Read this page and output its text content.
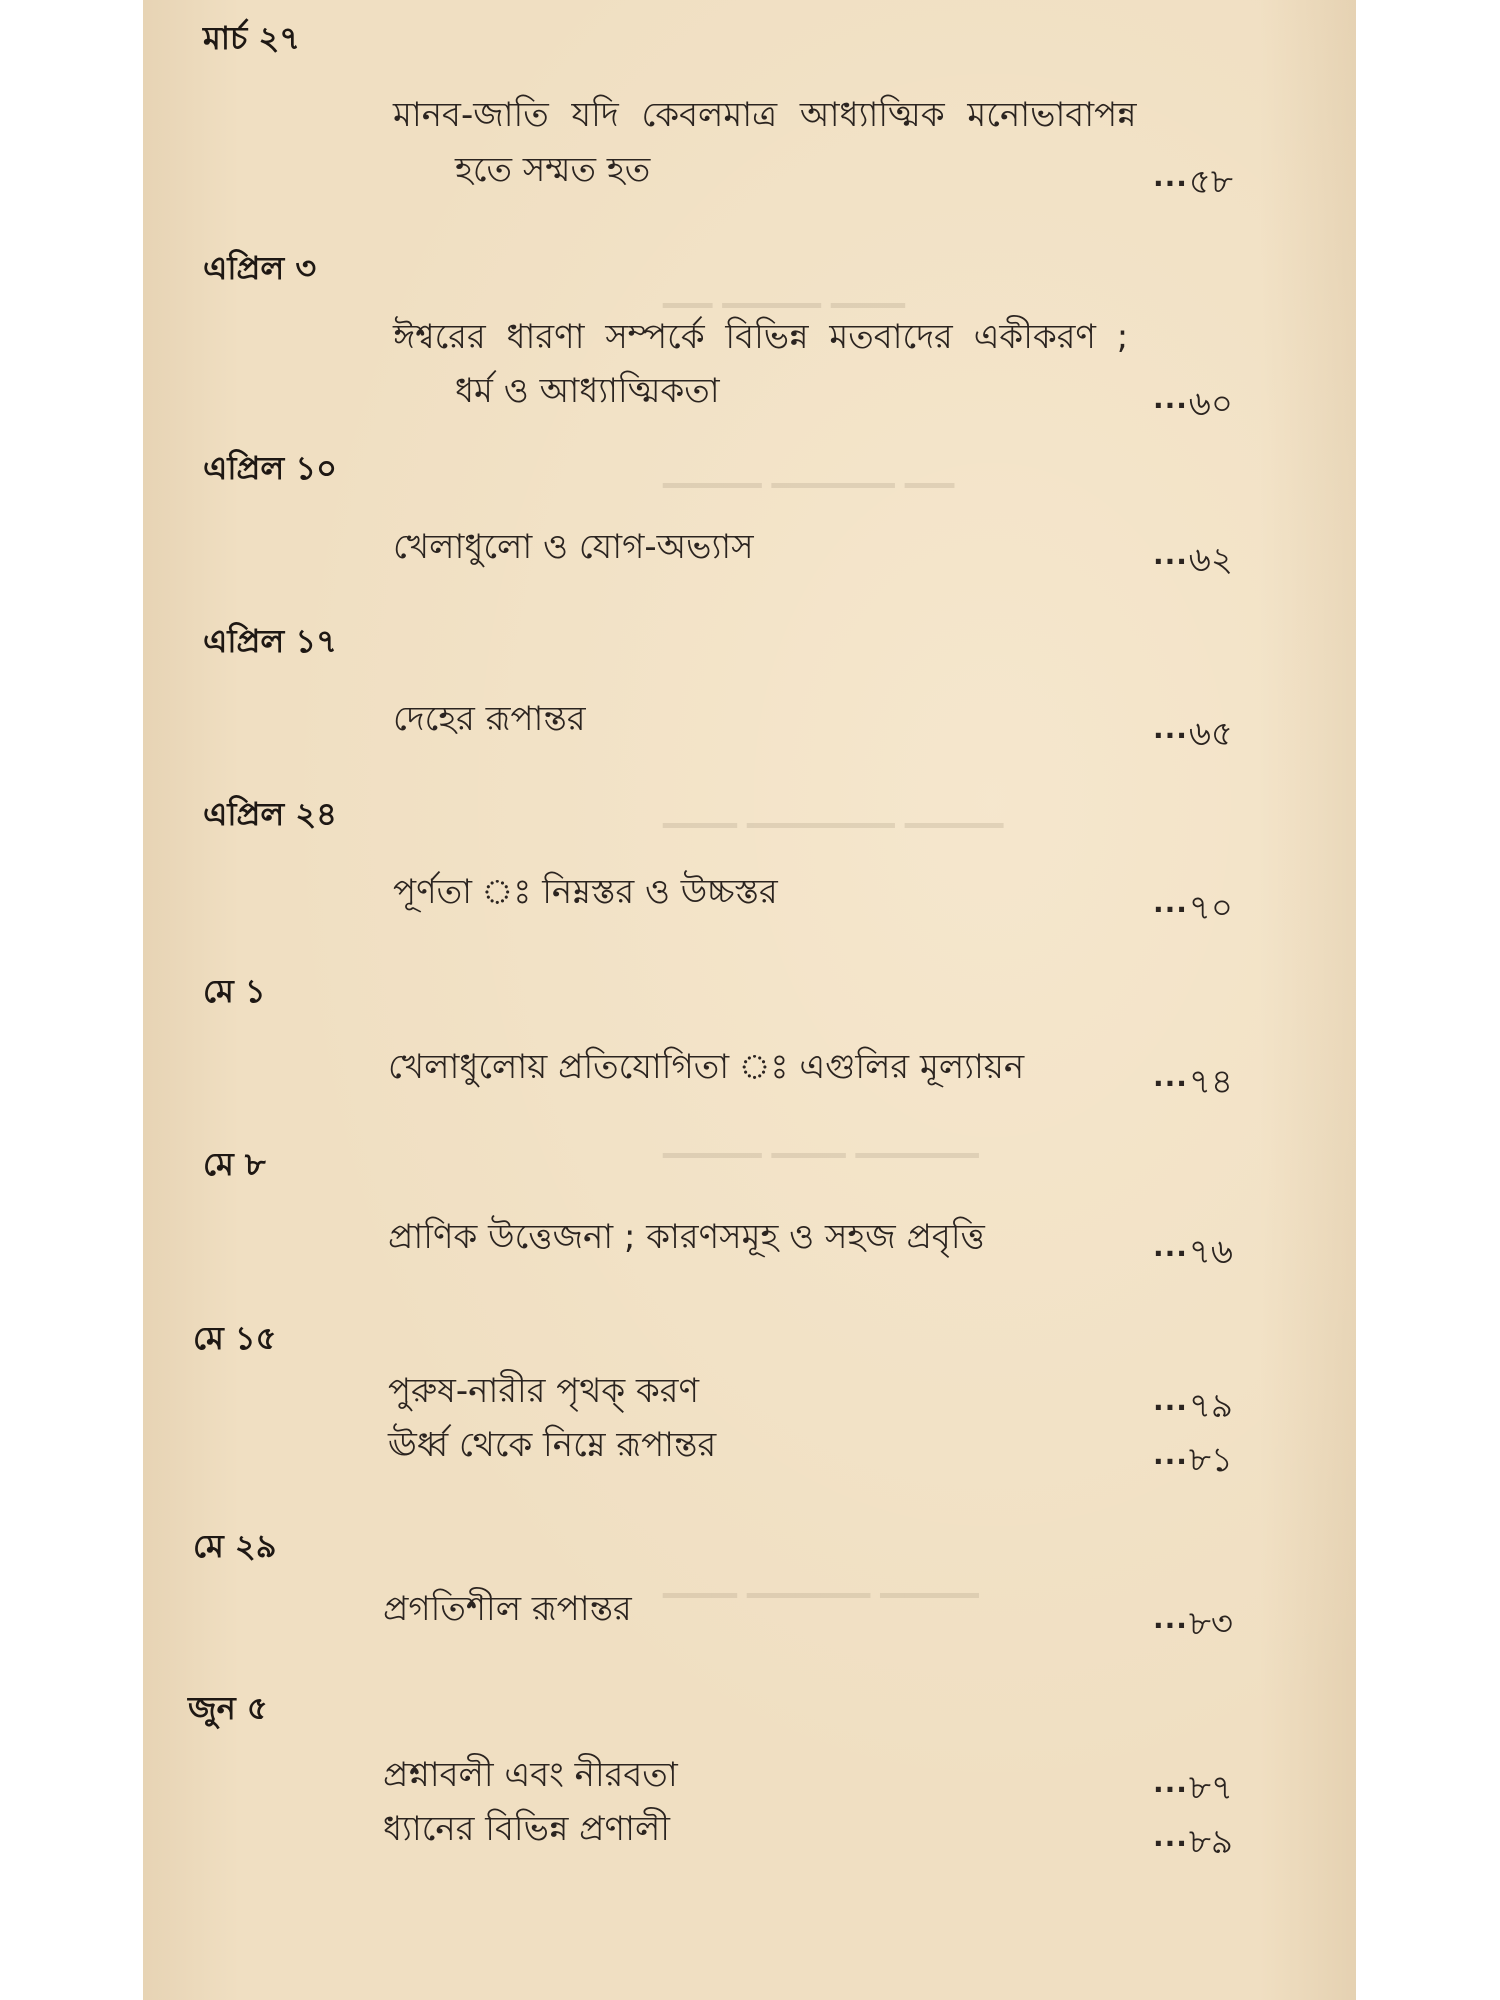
▁▁ ▁▁▁▁ ▁▁▁
▁▁▁▁ ▁▁▁▁▁ ▁▁
▁▁▁ ▁▁▁▁▁▁ ▁▁▁▁
▁▁▁▁ ▁▁▁ ▁▁▁▁▁
▁▁▁ ▁▁▁▁▁ ▁▁▁▁
মার্চ ২৭
মানব-জাতি যদি কেবলমাত্র আধ্যাত্মিক মনোভাবাপন্ন
হতে সম্মত হত	... ৫৮
এপ্রিল ৩
ঈশ্বরের ধারণা সম্পর্কে বিভিন্ন মতবাদের একীকরণ ;
ধর্ম ও আধ্যাত্মিকতা	... ৬০
এপ্রিল ১০
খেলাধুলো ও যোগ-অভ্যাস	... ৬২
এপ্রিল ১৭
দেহের রূপান্তর	... ৬৫
এপ্রিল ২৪
পূর্ণতা ঃ নিম্নস্তর ও উচ্চস্তর	... ৭০
মে ১
খেলাধুলোয় প্রতিযোগিতা ঃ এগুলির মূল্যায়ন	... ৭৪
মে ৮
প্রাণিক উত্তেজনা ; কারণসমূহ ও সহজ প্রবৃত্তি	... ৭৬
মে ১৫
পুরুষ-নারীর পৃথক্ করণ	... ৭৯
ঊর্ধ্ব থেকে নিম্নে রূপান্তর	... ৮১
মে ২৯
প্রগতিশীল রূপান্তর	... ৮৩
জুন ৫
প্রশ্নাবলী এবং নীরবতা	... ৮৭
ধ্যানের বিভিন্ন প্রণালী	... ৮৯
